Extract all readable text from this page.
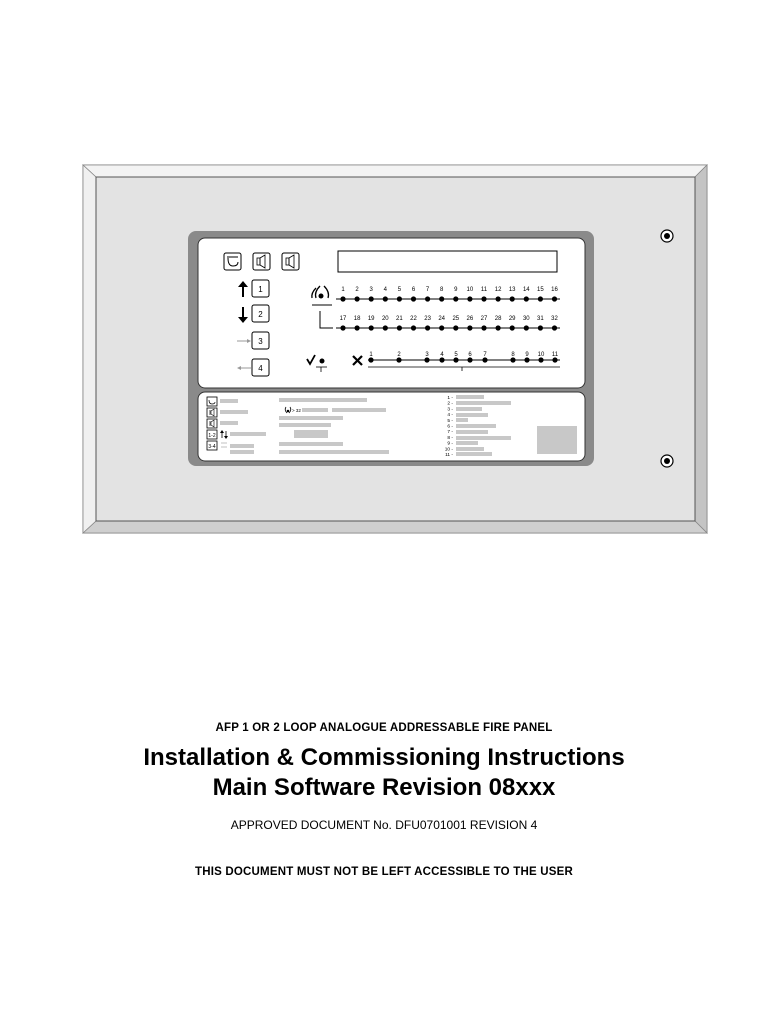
1
2
3
4
1 2 3 4 5 6 7 8 9 10 11 12 13 14 15 16
17 18 19 20 21 22 23 24 25 26 27 28 29 30 31 32
1	2	3 4 5 6 7	8 9 10 11
1-2
3-4
> 32
1 -
2 -
3 -
4 -
5 -
6 -
7 -
8 -
9 -
10 -
11 -
AFP 1 OR 2 LOOP ANALOGUE ADDRESSABLE FIRE PANEL
Installation & Commissioning Instructions
Main Software Revision 08xxx
APPROVED DOCUMENT No. DFU0701001 REVISION 4
THIS DOCUMENT MUST NOT BE LEFT ACCESSIBLE TO THE USER
